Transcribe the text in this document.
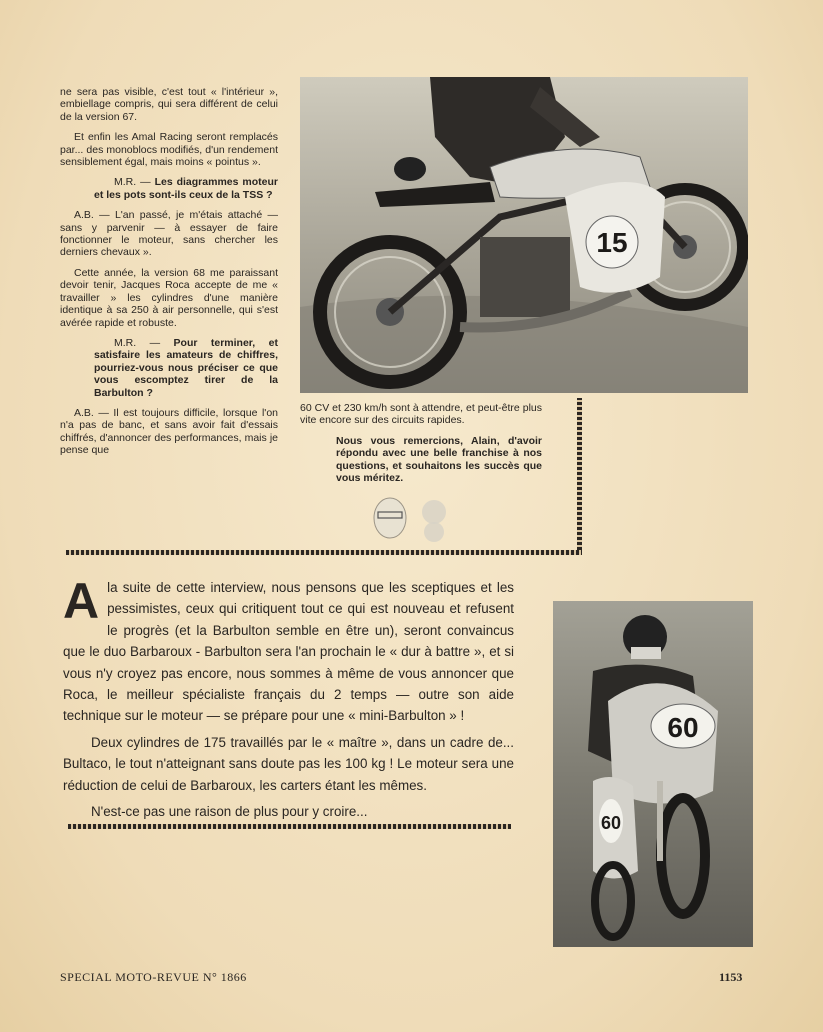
ne sera pas visible, c'est tout « l'intérieur », embiellage compris, qui sera différent de celui de la version 67.

Et enfin les Amal Racing seront remplacés par... des monoblocs modifiés, d'un rendement sensiblement égal, mais moins « pointus ».

M.R. — Les diagrammes moteur et les pots sont-ils ceux de la TSS ?

A.B. — L'an passé, je m'étais attaché — sans y parvenir — à essayer de faire fonctionner le moteur, sans chercher les derniers chevaux ».

Cette année, la version 68 me paraissant devoir tenir, Jacques Roca accepte de me « travailler » les cylindres d'une manière identique à sa 250 à air personnelle, qui s'est avérée rapide et robuste.

M.R. — Pour terminer, et satisfaire les amateurs de chiffres, pourriez-vous nous préciser ce que vous escomptez tirer de la Barbulton ?

A.B. — Il est toujours difficile, lorsque l'on n'a pas de banc, et sans avoir fait d'essais chiffrés, d'annoncer des performances, mais je pense que

15

60 CV et 230 km/h sont à attendre, et peut-être plus vite encore sur des circuits rapides.

Nous vous remercions, Alain, d'avoir répondu avec une belle franchise à nos questions, et souhaitons les succès que vous méritez.

Ala suite de cette interview, nous pensons que les sceptiques et les pessimistes, ceux qui critiquent tout ce qui est nouveau et refusent le progrès (et la Barbulton semble en être un), seront convaincus que le duo Barbaroux - Barbulton sera l'an prochain le « dur à battre », et si vous n'y croyez pas encore, nous sommes à même de vous annoncer que Roca, le meilleur spécialiste français du 2 temps — outre son aide technique sur le moteur — se prépare pour une « mini-Barbulton » !

Deux cylindres de 175 travaillés par le « maître », dans un cadre de... Bultaco, le tout n'atteignant sans doute pas les 100 kg ! Le moteur sera une réduction de celui de Barbaroux, les carters étant les mêmes.

N'est-ce pas une raison de plus pour y croire...

60
60
SPECIAL MOTO-REVUE N° 1866	1153
